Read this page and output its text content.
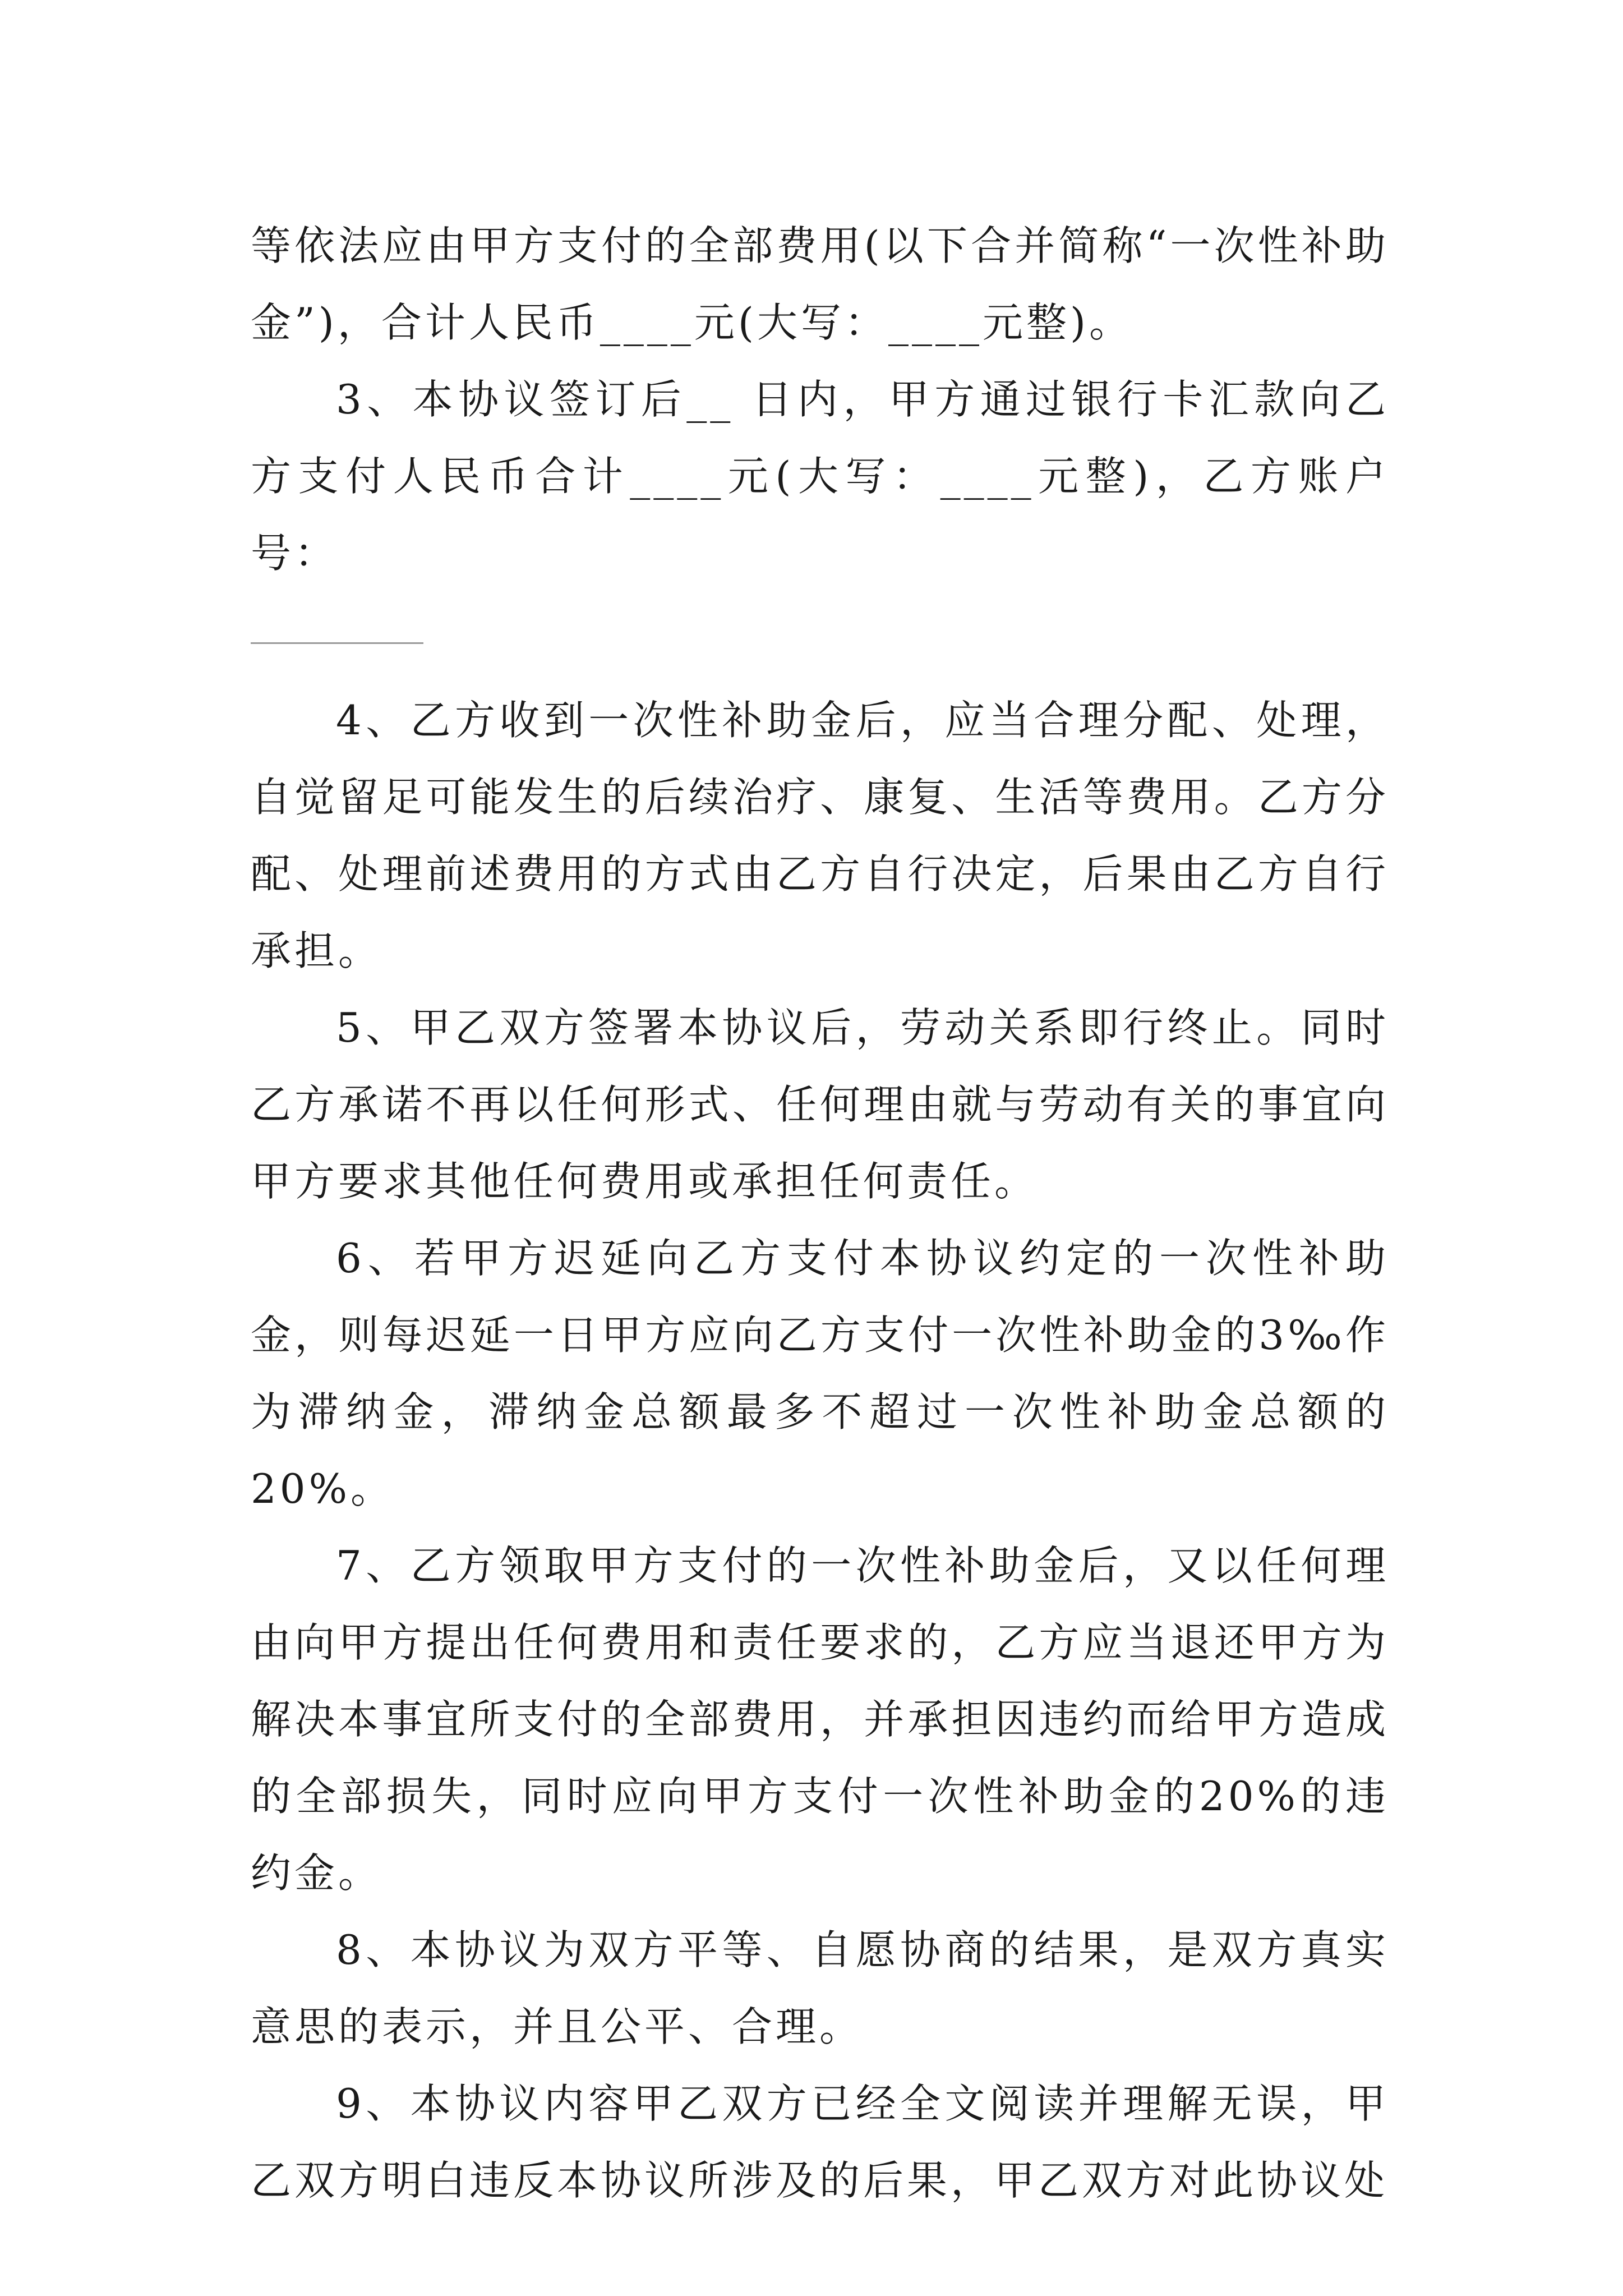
等依法应由甲方支付的全部费用(以下合并简称“一次性补助金”)，合计人民币____元(大写：____元整)。

3、本协议签订后__ 日内，甲方通过银行卡汇款向乙方支付人民币合计____元(大写：____元整)，乙方账户号：

4、乙方收到一次性补助金后，应当合理分配、处理，自觉留足可能发生的后续治疗、康复、生活等费用。乙方分配、处理前述费用的方式由乙方自行决定，后果由乙方自行承担。

5、甲乙双方签署本协议后，劳动关系即行终止。同时乙方承诺不再以任何形式、任何理由就与劳动有关的事宜向甲方要求其他任何费用或承担任何责任。

6、若甲方迟延向乙方支付本协议约定的一次性补助金，则每迟延一日甲方应向乙方支付一次性补助金的3‰作为滞纳金，滞纳金总额最多不超过一次性补助金总额的20%。

7、乙方领取甲方支付的一次性补助金后，又以任何理由向甲方提出任何费用和责任要求的，乙方应当退还甲方为解决本事宜所支付的全部费用，并承担因违约而给甲方造成的全部损失，同时应向甲方支付一次性补助金的20%的违约金。

8、本协议为双方平等、自愿协商的结果，是双方真实意思的表示，并且公平、合理。

9、本协议内容甲乙双方已经全文阅读并理解无误，甲乙双方明白违反本协议所涉及的后果，甲乙双方对此协议处
